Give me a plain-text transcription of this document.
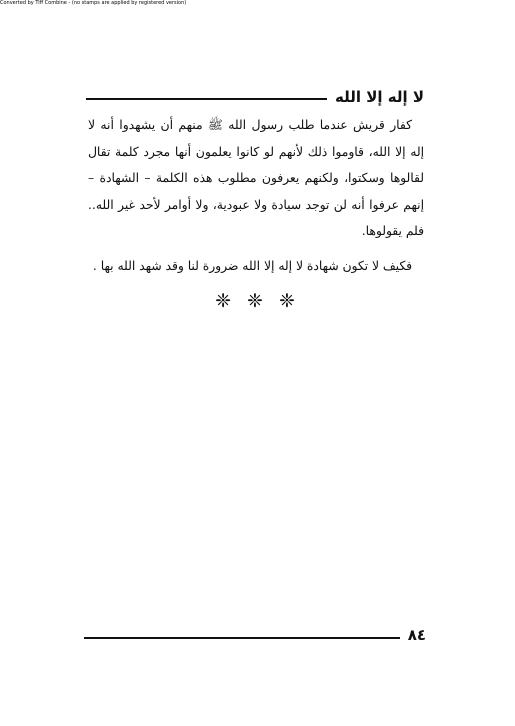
Converted by Tiff Combine - (no stamps are applied by registered version)
لا إله إلا الله

كفار قريش عندما طلب رسول الله ﷺ منهم أن يشهدوا أنه لا إله إلا الله، قاوموا ذلك لأنهم لو كانوا يعلمون أنها مجرد كلمة تقال لقالوها وسكتوا، ولكنهم يعرفون مطلوب هذه الكلمة – الشهادة – إنهم عرفوا أنه لن توجد سيادة ولا عبودية، ولا أوامر لأحد غير الله.. فلم يقولوها.

فكيف لا تكون شهادة لا إله إلا الله ضرورة لنا وقد شهد الله بها .

❈ ❈ ❈
٨٤
